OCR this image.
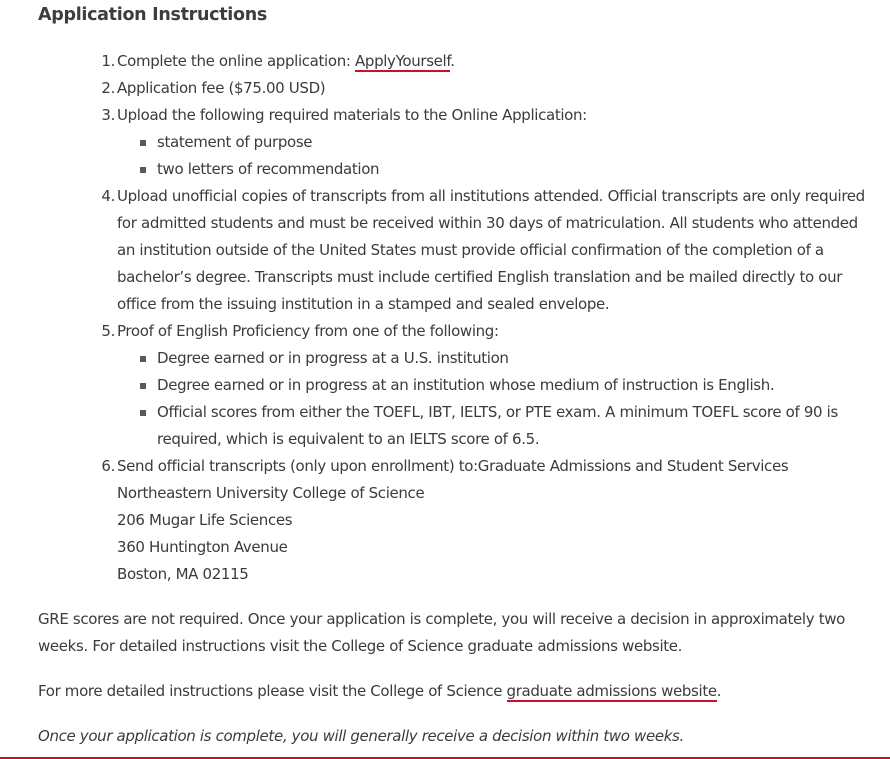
Application Instructions
1. Complete the online application: ApplyYourself.
2. Application fee ($75.00 USD)
3. Upload the following required materials to the Online Application:
statement of purpose
two letters of recommendation
4. Upload unofficial copies of transcripts from all institutions attended. Official transcripts are only required for admitted students and must be received within 30 days of matriculation. All students who attended an institution outside of the United States must provide official confirmation of the completion of a bachelor’s degree. Transcripts must include certified English translation and be mailed directly to our office from the issuing institution in a stamped and sealed envelope.
5. Proof of English Proficiency from one of the following:
Degree earned or in progress at a U.S. institution
Degree earned or in progress at an institution whose medium of instruction is English.
Official scores from either the TOEFL, IBT, IELTS, or PTE exam. A minimum TOEFL score of 90 is required, which is equivalent to an IELTS score of 6.5.
6. Send official transcripts (only upon enrollment) to:Graduate Admissions and Student Services
Northeastern University College of Science
206 Mugar Life Sciences
360 Huntington Avenue
Boston, MA 02115

GRE scores are not required. Once your application is complete, you will receive a decision in approximately two weeks. For detailed instructions visit the College of Science graduate admissions website.

For more detailed instructions please visit the College of Science graduate admissions website.

Once your application is complete, you will generally receive a decision within two weeks.
